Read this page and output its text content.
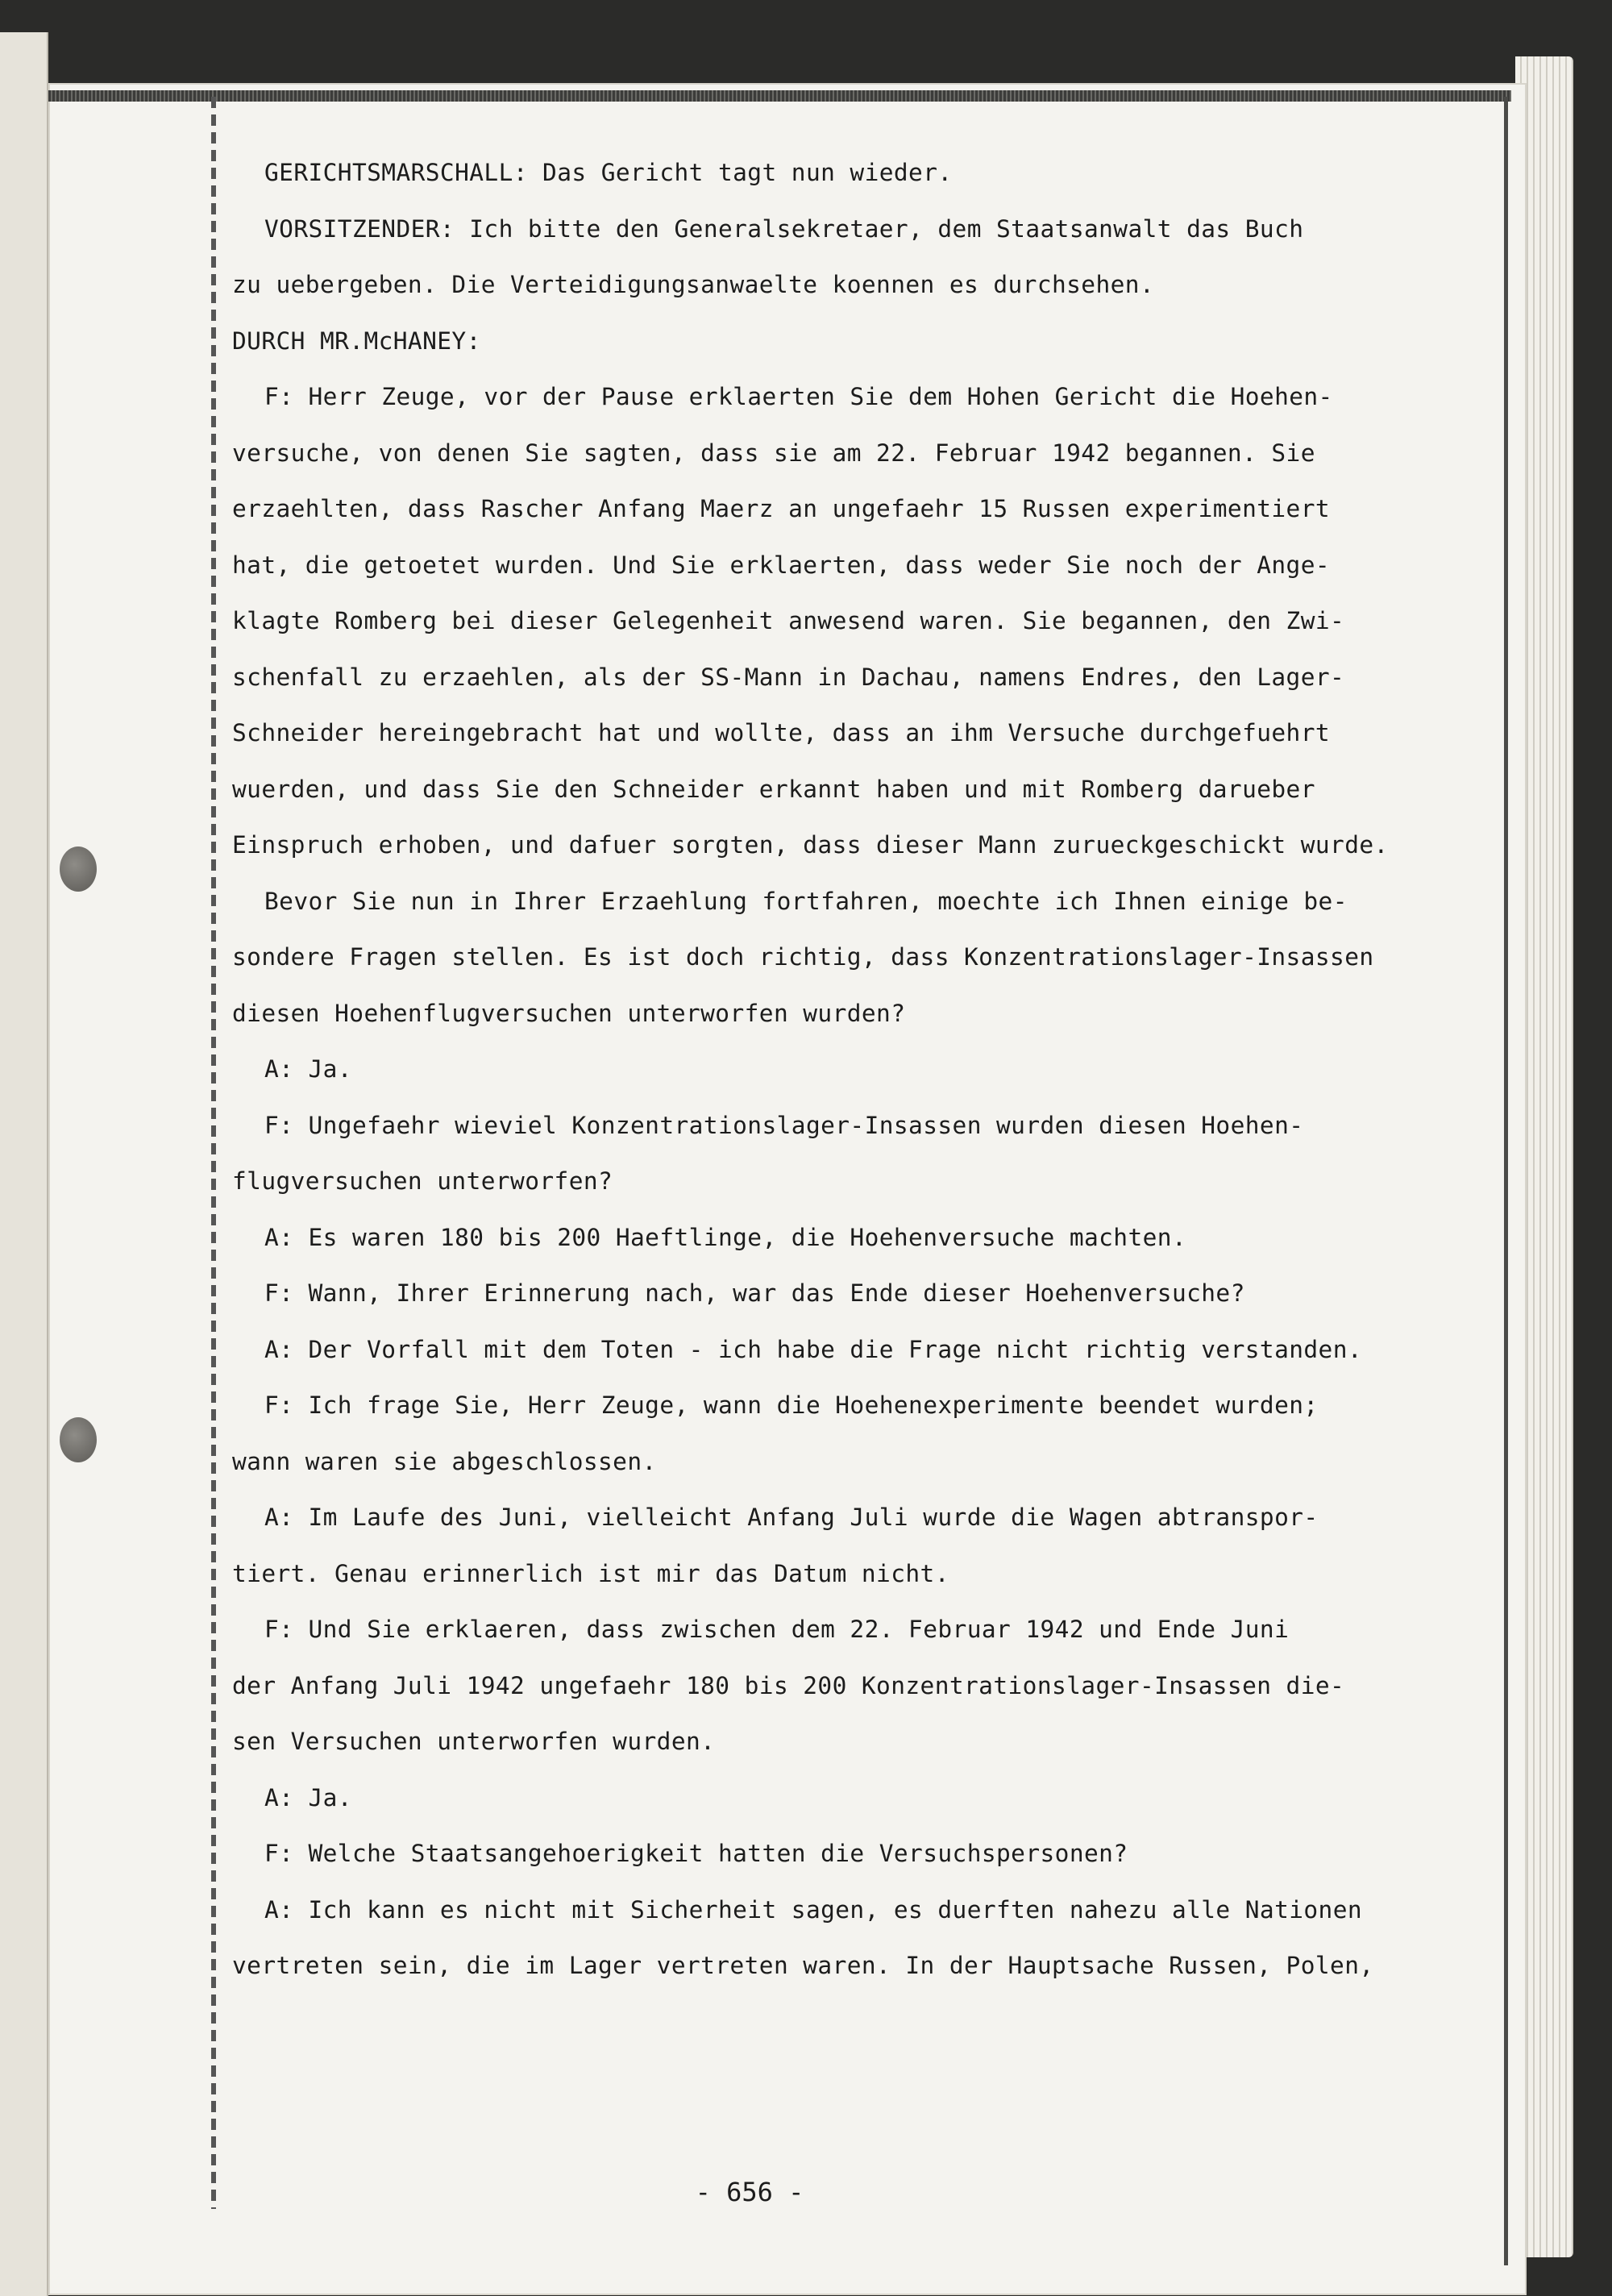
GERICHTSMARSCHALL: Das Gericht tagt nun wieder.
VORSITZENDER: Ich bitte den Generalsekretaer, dem Staatsanwalt das Buch
zu uebergeben. Die Verteidigungsanwaelte koennen es durchsehen.
DURCH MR.McHANEY:
F: Herr Zeuge, vor der Pause erklaerten Sie dem Hohen Gericht die Hoehen-
versuche, von denen Sie sagten, dass sie am 22. Februar 1942 begannen. Sie
erzaehlten, dass Rascher Anfang Maerz an ungefaehr 15 Russen experimentiert
hat, die getoetet wurden. Und Sie erklaerten, dass weder Sie noch der Ange-
klagte Romberg bei dieser Gelegenheit anwesend waren. Sie begannen, den Zwi-
schenfall zu erzaehlen, als der SS-Mann in Dachau, namens Endres, den Lager-
Schneider hereingebracht hat und wollte, dass an ihm Versuche durchgefuehrt
wuerden, und dass Sie den Schneider erkannt haben und mit Romberg darueber
Einspruch erhoben, und dafuer sorgten, dass dieser Mann zurueckgeschickt wurde.
Bevor Sie nun in Ihrer Erzaehlung fortfahren, moechte ich Ihnen einige be-
sondere Fragen stellen. Es ist doch richtig, dass Konzentrationslager-Insassen
diesen Hoehenflugversuchen unterworfen wurden?
A: Ja.
F: Ungefaehr wieviel Konzentrationslager-Insassen wurden diesen Hoehen-
flugversuchen unterworfen?
A: Es waren 180 bis 200 Haeftlinge, die Hoehenversuche machten.
F: Wann, Ihrer Erinnerung nach, war das Ende dieser Hoehenversuche?
A: Der Vorfall mit dem Toten - ich habe die Frage nicht richtig verstanden.
F: Ich frage Sie, Herr Zeuge, wann die Hoehenexperimente beendet wurden;
wann waren sie abgeschlossen.
A: Im Laufe des Juni, vielleicht Anfang Juli wurde die Wagen abtranspor-
tiert. Genau erinnerlich ist mir das Datum nicht.
F: Und Sie erklaeren, dass zwischen dem 22. Februar 1942 und Ende Juni
der Anfang Juli 1942 ungefaehr 180 bis 200 Konzentrationslager-Insassen die-
sen Versuchen unterworfen wurden.
A: Ja.
F: Welche Staatsangehoerigkeit hatten die Versuchspersonen?
A: Ich kann es nicht mit Sicherheit sagen, es duerften nahezu alle Nationen
vertreten sein, die im Lager vertreten waren. In der Hauptsache Russen, Polen,
- 656 -
